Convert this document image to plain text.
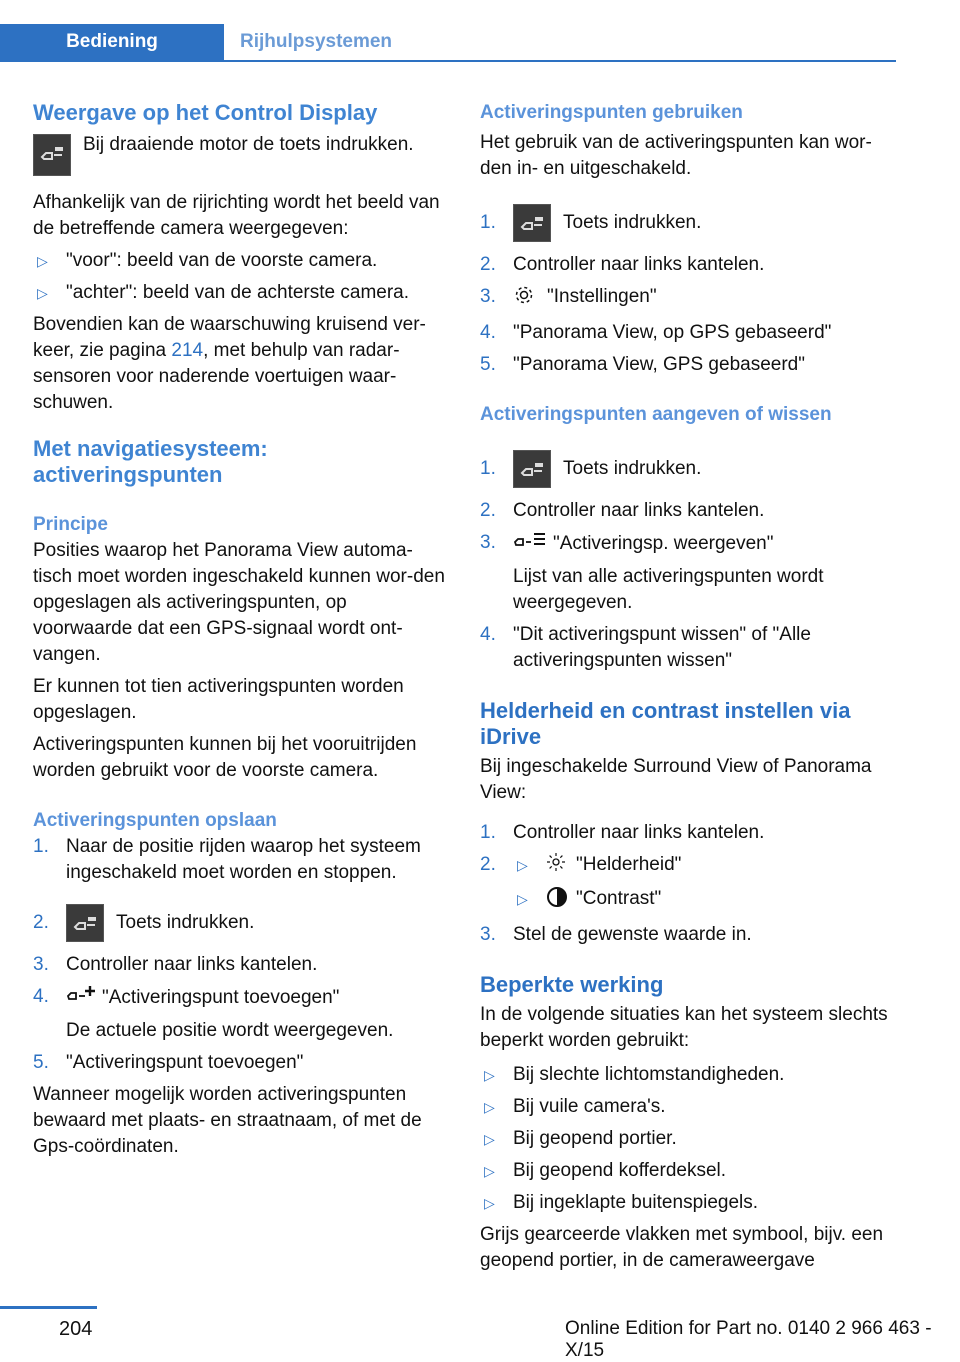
Bediening	Rijhulpsystemen
Weergave op het Control Display
Bij draaiende motor de toets indrukken.

Afhankelijk van de rijrichting wordt het beeld van de betreffende camera weergegeven:

▷ "voor": beeld van de voorste camera.
▷ "achter": beeld van de achterste camera.

Bovendien kan de waarschuwing kruisend ver‐keer, zie pagina 214, met behulp van radar‐sensoren voor naderende voertuigen waar‐schuwen.

Met navigatiesysteem: activeringspunten
Principe

Posities waarop het Panorama View automa‐tisch moet worden ingeschakeld kunnen wor‐den opgeslagen als activeringspunten, op voorwaarde dat een GPS-signaal wordt ont‐vangen.

Er kunnen tot tien activeringspunten worden opgeslagen.

Activeringspunten kunnen bij het vooruitrijden worden gebruikt voor de voorste camera.

Activeringspunten opslaan
1. Naar de positie rijden waarop het systeem ingeschakeld moet worden en stoppen.
2.	Toets indrukken.
3. Controller naar links kantelen.
4.	"Activeringspunt toevoegen"
De actuele positie wordt weergegeven.
5. "Activeringspunt toevoegen"

Wanneer mogelijk worden activeringspunten bewaard met plaats- en straatnaam, of met de Gps-coördinaten.

Activeringspunten gebruiken

Het gebruik van de activeringspunten kan wor‐den in- en uitgeschakeld.

1.	Toets indrukken.
2. Controller naar links kantelen.
3.	"Instellingen"
4. "Panorama View, op GPS gebaseerd"
5. "Panorama View, GPS gebaseerd"
Activeringspunten aangeven of wissen
1.	Toets indrukken.
2. Controller naar links kantelen.
3.	"Activeringsp. weergeven"
Lijst van alle activeringspunten wordt weergegeven.
4. "Dit activeringspunt wissen" of "Alle activeringspunten wissen"
Helderheid en contrast instellen via iDrive

Bij ingeschakelde Surround View of Panorama View:

1. Controller naar links kantelen.
2.	▷	"Helderheid"
▷	"Contrast"
3. Stel de gewenste waarde in.
Beperkte werking

In de volgende situaties kan het systeem slechts beperkt worden gebruikt:

▷ Bij slechte lichtomstandigheden.
▷ Bij vuile camera's.
▷ Bij geopend portier.
▷ Bij geopend kofferdeksel.
▷ Bij ingeklapte buitenspiegels.

Grijs gearceerde vlakken met symbool, bijv. een geopend portier, in de cameraweergave

204	Online Edition for Part no. 0140 2 966 463 - X/15
